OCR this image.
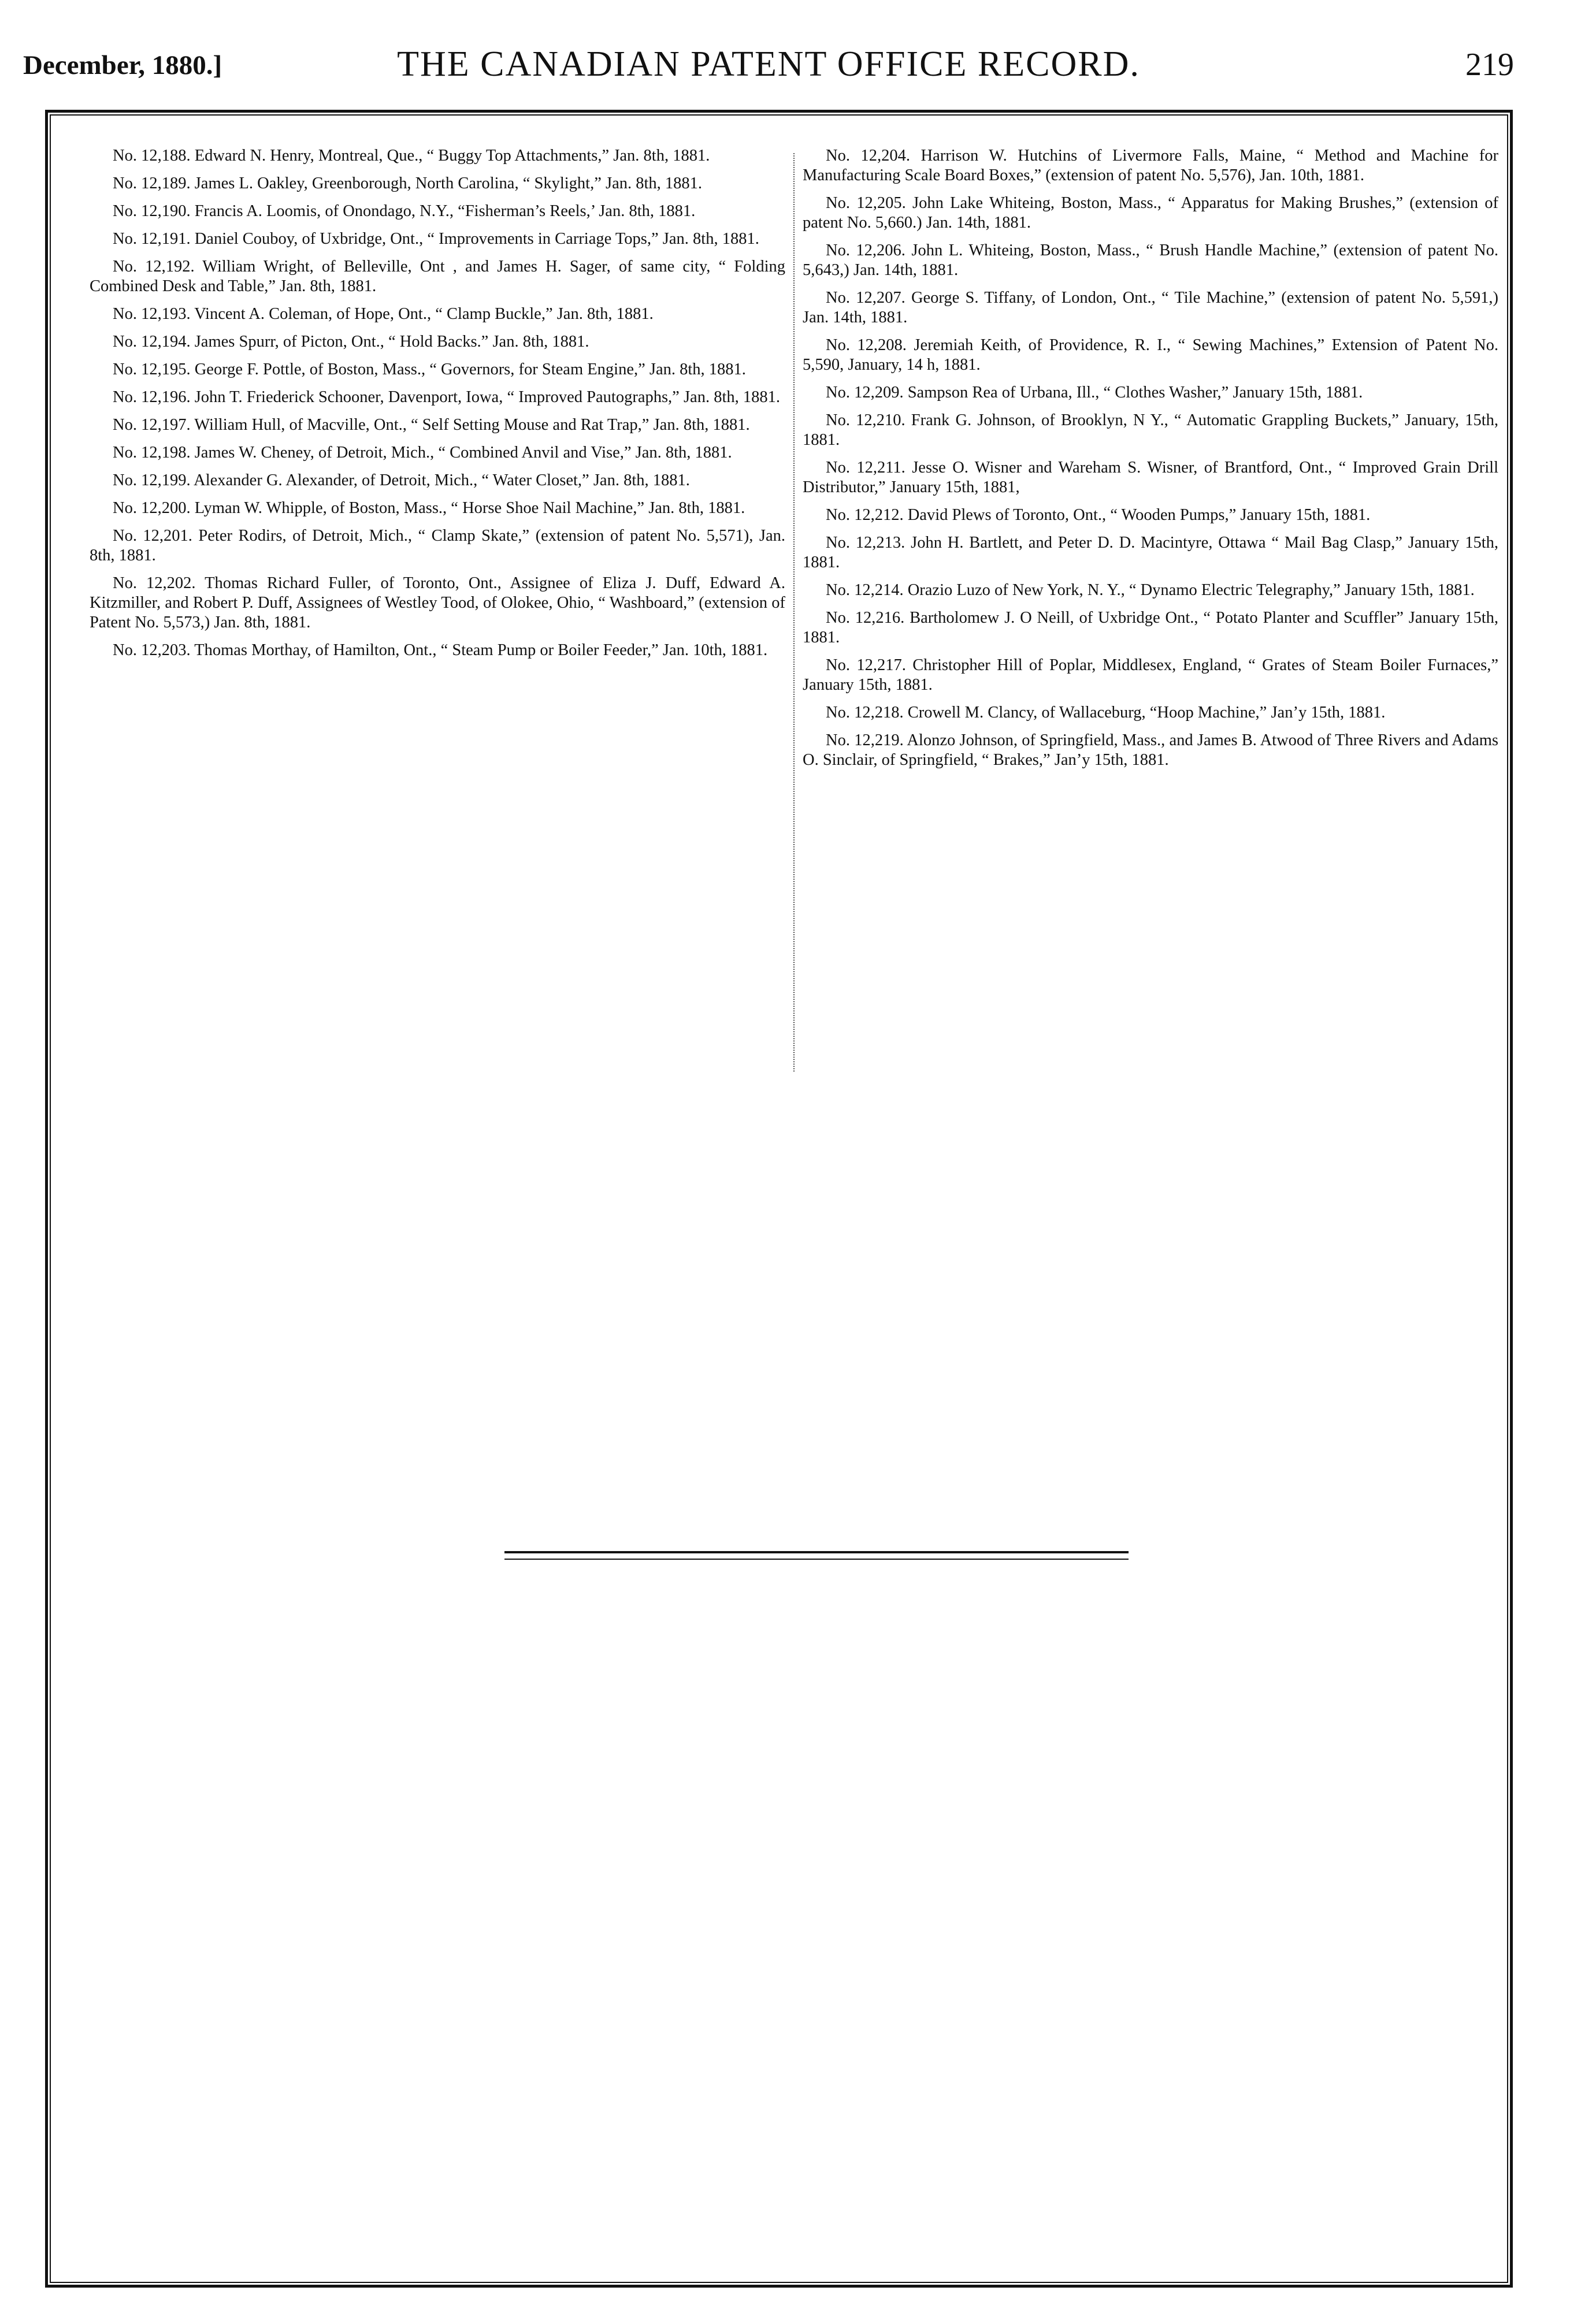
December, 1880.]	THE CANADIAN PATENT OFFICE RECORD.	219

No. 12,188. Edward N. Henry, Montreal, Que., “ Buggy Top Attachments,” Jan. 8th, 1881.

No. 12,189. James L. Oakley, Greenborough, North Carolina, “ Skylight,” Jan. 8th, 1881.

No. 12,190. Francis A. Loomis, of Onondago, N.Y., “Fisherman’s Reels,’ Jan. 8th, 1881.

No. 12,191. Daniel Couboy, of Uxbridge, Ont., “ Improvements in Carriage Tops,” Jan. 8th, 1881.

No. 12,192. William Wright, of Belleville, Ont , and James H. Sager, of same city, “ Folding Combined Desk and Table,” Jan. 8th, 1881.

No. 12,193. Vincent A. Coleman, of Hope, Ont., “ Clamp Buckle,” Jan. 8th, 1881.

No. 12,194. James Spurr, of Picton, Ont., “ Hold Backs.” Jan. 8th, 1881.

No. 12,195. George F. Pottle, of Boston, Mass., “ Governors, for Steam Engine,” Jan. 8th, 1881.

No. 12,196. John T. Friederick Schooner, Davenport, Iowa, “ Improved Pautographs,” Jan. 8th, 1881.

No. 12,197. William Hull, of Macville, Ont., “ Self Setting Mouse and Rat Trap,” Jan. 8th, 1881.

No. 12,198. James W. Cheney, of Detroit, Mich., “ Combined Anvil and Vise,” Jan. 8th, 1881.

No. 12,199. Alexander G. Alexander, of Detroit, Mich., “ Water Closet,” Jan. 8th, 1881.

No. 12,200. Lyman W. Whipple, of Boston, Mass., “ Horse Shoe Nail Machine,” Jan. 8th, 1881.

No. 12,201. Peter Rodirs, of Detroit, Mich., “ Clamp Skate,” (extension of patent No. 5,571), Jan. 8th, 1881.

No. 12,202. Thomas Richard Fuller, of Toronto, Ont., Assignee of Eliza J. Duff, Edward A. Kitzmiller, and Robert P. Duff, Assignees of Westley Tood, of Olokee, Ohio, “ Washboard,” (extension of Patent No. 5,573,) Jan. 8th, 1881.

No. 12,203. Thomas Morthay, of Hamilton, Ont., “ Steam Pump or Boiler Feeder,” Jan. 10th, 1881.

No. 12,204. Harrison W. Hutchins of Livermore Falls, Maine, “ Method and Machine for Manufacturing Scale Board Boxes,” (extension of patent No. 5,576), Jan. 10th, 1881.

No. 12,205. John Lake Whiteing, Boston, Mass., “ Apparatus for Making Brushes,” (extension of patent No. 5,660.) Jan. 14th, 1881.

No. 12,206. John L. Whiteing, Boston, Mass., “ Brush Handle Machine,” (extension of patent No. 5,643,) Jan. 14th, 1881.

No. 12,207. George S. Tiffany, of London, Ont., “ Tile Machine,” (extension of patent No. 5,591,) Jan. 14th, 1881.

No. 12,208. Jeremiah Keith, of Providence, R. I., “ Sewing Machines,” Extension of Patent No. 5,590, January, 14 h, 1881.

No. 12,209. Sampson Rea of Urbana, Ill., “ Clothes Washer,” January 15th, 1881.

No. 12,210. Frank G. Johnson, of Brooklyn, N Y., “ Automatic Grappling Buckets,” January, 15th, 1881.

No. 12,211. Jesse O. Wisner and Wareham S. Wisner, of Brantford, Ont., “ Improved Grain Drill Distributor,” January 15th, 1881,

No. 12,212. David Plews of Toronto, Ont., “ Wooden Pumps,” January 15th, 1881.

No. 12,213. John H. Bartlett, and Peter D. D. Macintyre, Ottawa “ Mail Bag Clasp,” January 15th, 1881.

No. 12,214. Orazio Luzo of New York, N. Y., “ Dynamo Electric Telegraphy,” January 15th, 1881.

No. 12,216. Bartholomew J. O Neill, of Uxbridge Ont., “ Potato Planter and Scuffler” January 15th, 1881.

No. 12,217. Christopher Hill of Poplar, Middlesex, England, “ Grates of Steam Boiler Furnaces,” January 15th, 1881.

No. 12,218. Crowell M. Clancy, of Wallaceburg, “Hoop Machine,” Jan’y 15th, 1881.

No. 12,219. Alonzo Johnson, of Springfield, Mass., and James B. Atwood of Three Rivers and Adams O. Sinclair, of Springfield, “ Brakes,” Jan’y 15th, 1881.
